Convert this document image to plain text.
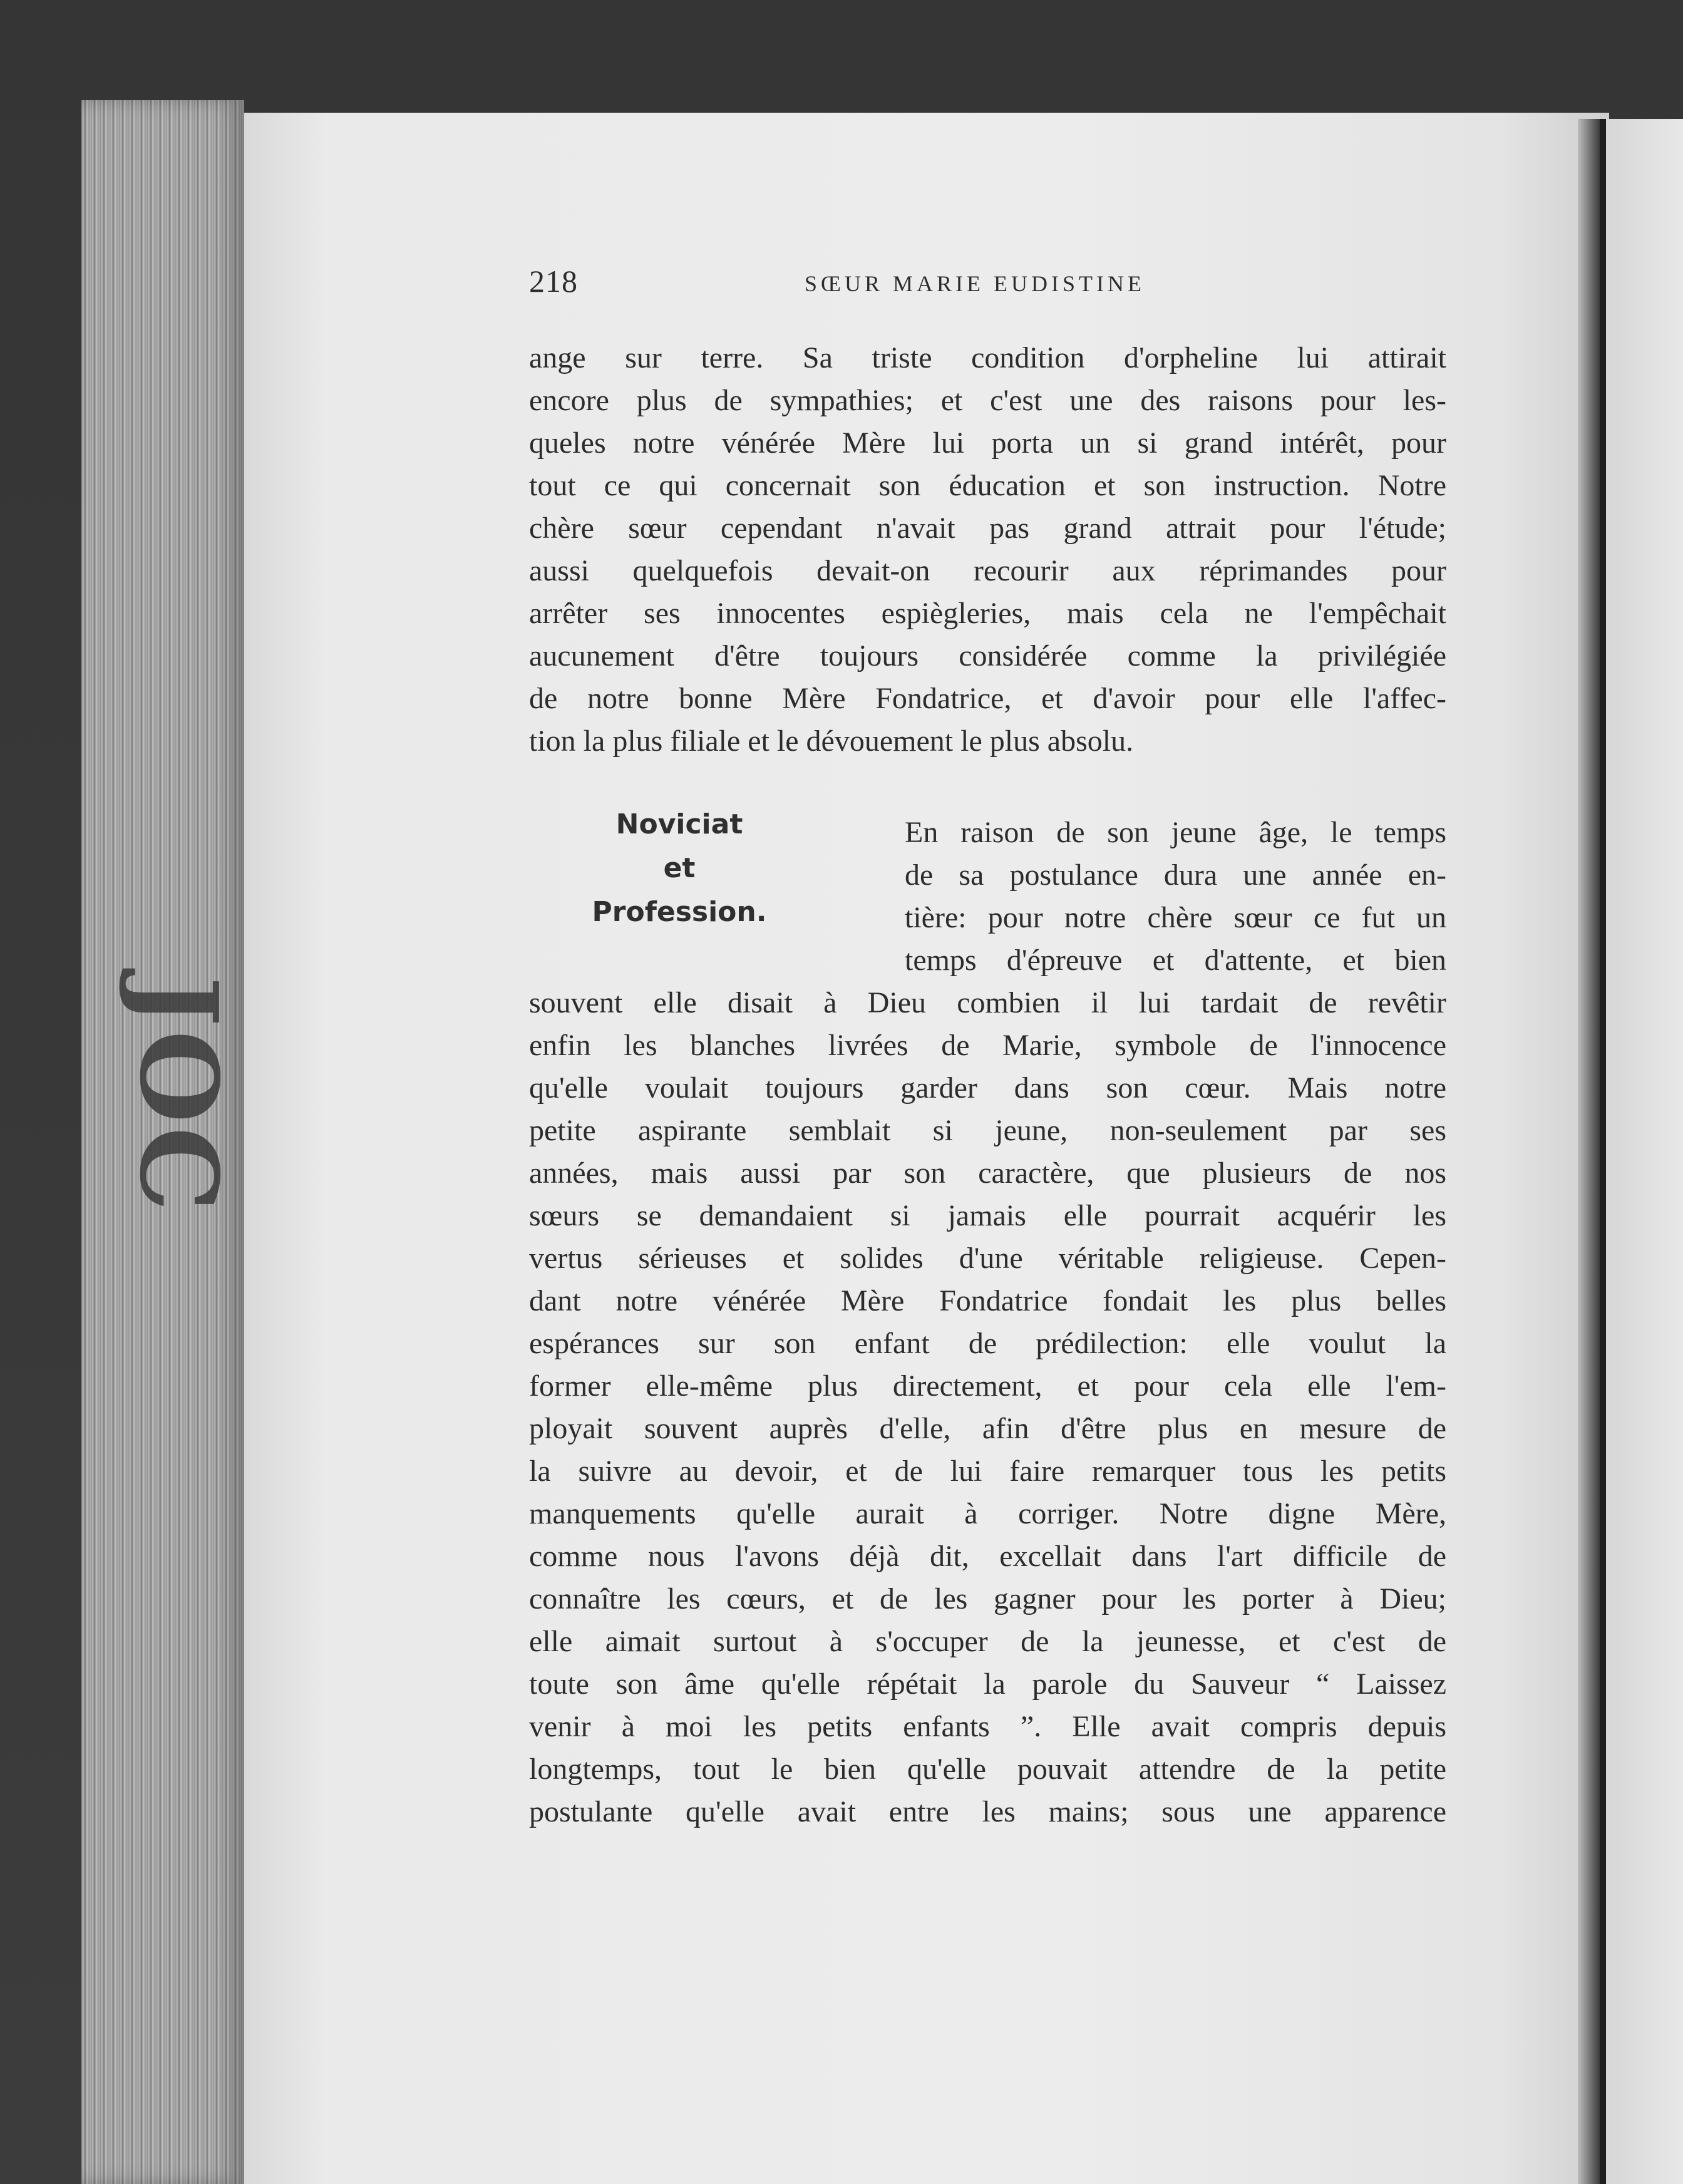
JOC
218	SŒUR MARIE EUDISTINE

ange sur terre. Sa triste condition d'orpheline lui attirait
encore plus de sympathies; et c'est une des raisons pour les-
queles notre vénérée Mère lui porta un si grand intérêt, pour
tout ce qui concernait son éducation et son instruction. Notre
chère sœur cependant n'avait pas grand attrait pour l'étude;
aussi quelquefois devait-on recourir aux réprimandes pour
arrêter ses innocentes espiègleries, mais cela ne l'empêchait
aucunement d'être toujours considérée comme la privilégiée
de notre bonne Mère Fondatrice, et d'avoir pour elle l'affec-
tion la plus filiale et le dévouement le plus absolu.

Noviciat
et
Profession.

En raison de son jeune âge, le temps
de sa postulance dura une année en-
tière: pour notre chère sœur ce fut un
temps d'épreuve et d'attente, et bien

souvent elle disait à Dieu combien il lui tardait de revêtir
enfin les blanches livrées de Marie, symbole de l'innocence
qu'elle voulait toujours garder dans son cœur. Mais notre
petite aspirante semblait si jeune, non-seulement par ses
années, mais aussi par son caractère, que plusieurs de nos
sœurs se demandaient si jamais elle pourrait acquérir les
vertus sérieuses et solides d'une véritable religieuse. Cepen-
dant notre vénérée Mère Fondatrice fondait les plus belles
espérances sur son enfant de prédilection: elle voulut la
former elle-même plus directement, et pour cela elle l'em-
ployait souvent auprès d'elle, afin d'être plus en mesure de
la suivre au devoir, et de lui faire remarquer tous les petits
manquements qu'elle aurait à corriger. Notre digne Mère,
comme nous l'avons déjà dit, excellait dans l'art difficile de
connaître les cœurs, et de les gagner pour les porter à Dieu;
elle aimait surtout à s'occuper de la jeunesse, et c'est de
toute son âme qu'elle répétait la parole du Sauveur “ Laissez
venir à moi les petits enfants ”. Elle avait compris depuis
longtemps, tout le bien qu'elle pouvait attendre de la petite
postulante qu'elle avait entre les mains; sous une apparence
